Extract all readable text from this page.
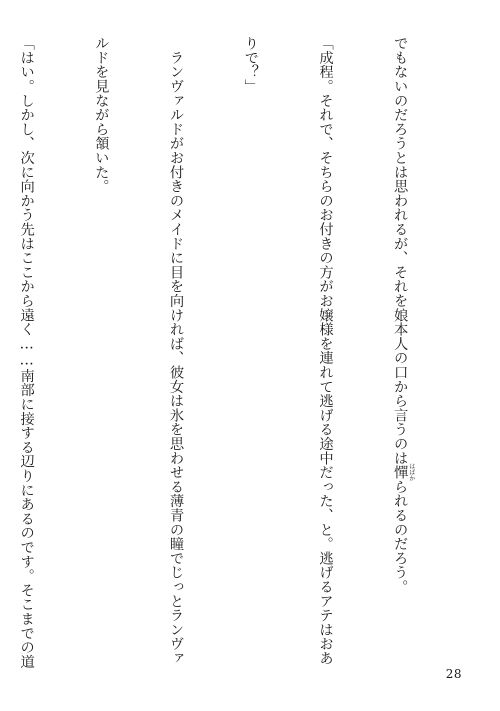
でもないのだろうとは思われるが、それを娘本人の口から言うのは憚 はばかられるのだろう。

「成程。それで、そちらのお付きの方がお嬢様を連れて逃げる途中だった、と。逃げるアテはおあ

りで？」

　ランヴァルドがお付きのメイドに目を向ければ、彼女は氷を思わせる薄青の瞳でじっとランヴァ

ルドを見ながら頷いた。

「はい。しかし、次に向かう先はここから遠く……南部に接する辺りにあるのです。そこまでの道

28
